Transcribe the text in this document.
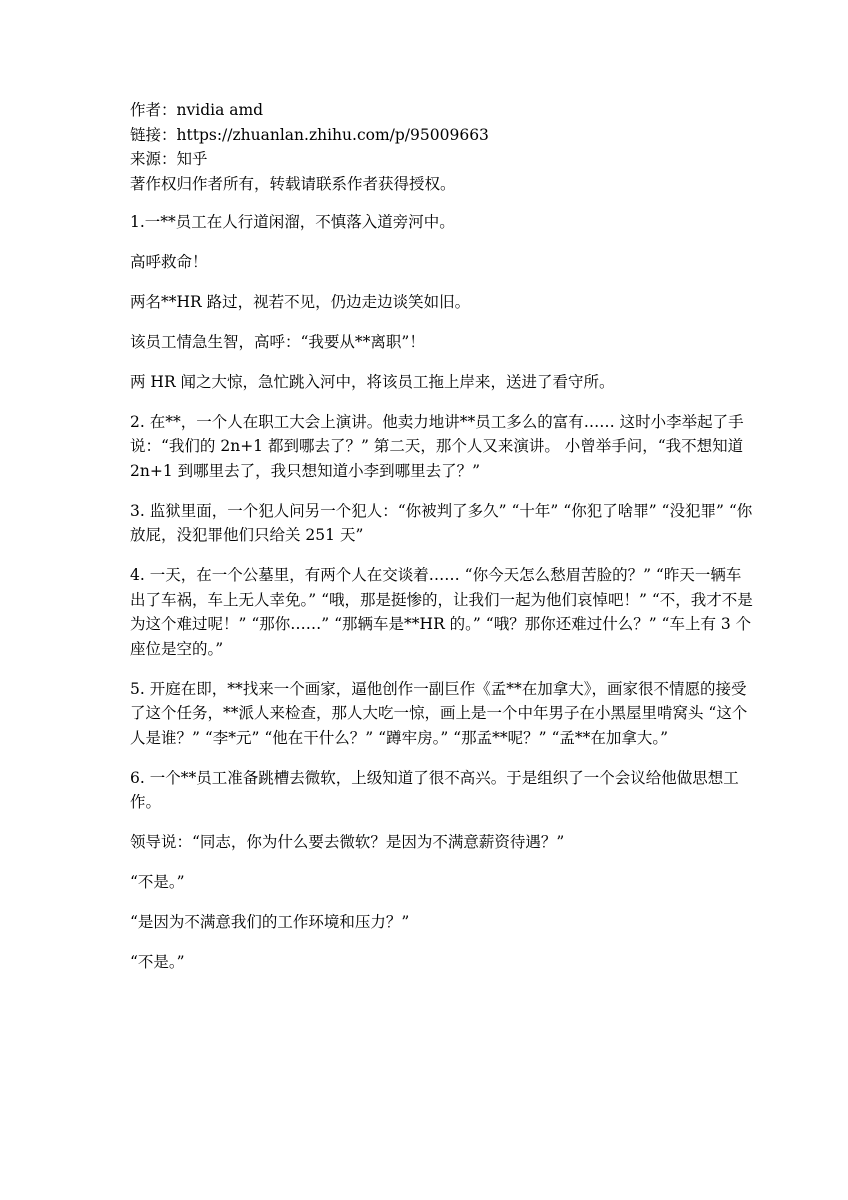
作者：nvidia amd
链接：https://zhuanlan.zhihu.com/p/95009663
来源：知乎
著作权归作者所有，转载请联系作者获得授权。

1.一**员工在人行道闲溜，不慎落入道旁河中。

高呼救命！

两名**HR 路过，视若不见，仍边走边谈笑如旧。

该员工情急生智，高呼：“我要从**离职”！

两 HR 闻之大惊，急忙跳入河中，将该员工拖上岸来，送进了看守所。

2. 在**，一个人在职工大会上演讲。他卖力地讲**员工多么的富有…… 这时小李举起了手说：“我们的 2n+1 都到哪去了？” 第二天，那个人又来演讲。 小曾举手问，“我不想知道 2n+1 到哪里去了，我只想知道小李到哪里去了？”

3. 监狱里面，一个犯人问另一个犯人：“你被判了多久” “十年” “你犯了啥罪” “没犯罪” “你放屁，没犯罪他们只给关 251 天”

4. 一天，在一个公墓里，有两个人在交谈着…… “你今天怎么愁眉苦脸的？” “昨天一辆车出了车祸，车上无人幸免。” “哦，那是挺惨的，让我们一起为他们哀悼吧！” “不，我才不是为这个难过呢！” “那你……” “那辆车是**HR 的。” “哦？那你还难过什么？” “车上有 3 个座位是空的。”

5. 开庭在即，**找来一个画家，逼他创作一副巨作《孟**在加拿大》，画家很不情愿的接受了这个任务，**派人来检查，那人大吃一惊，画上是一个中年男子在小黑屋里啃窝头 “这个人是谁？” “李*元” “他在干什么？” “蹲牢房。” “那孟**呢？” “孟**在加拿大。”

6. 一个**员工准备跳槽去微软，上级知道了很不高兴。于是组织了一个会议给他做思想工作。

领导说：“同志，你为什么要去微软？是因为不满意薪资待遇？”

“不是。”

“是因为不满意我们的工作环境和压力？”

“不是。”
